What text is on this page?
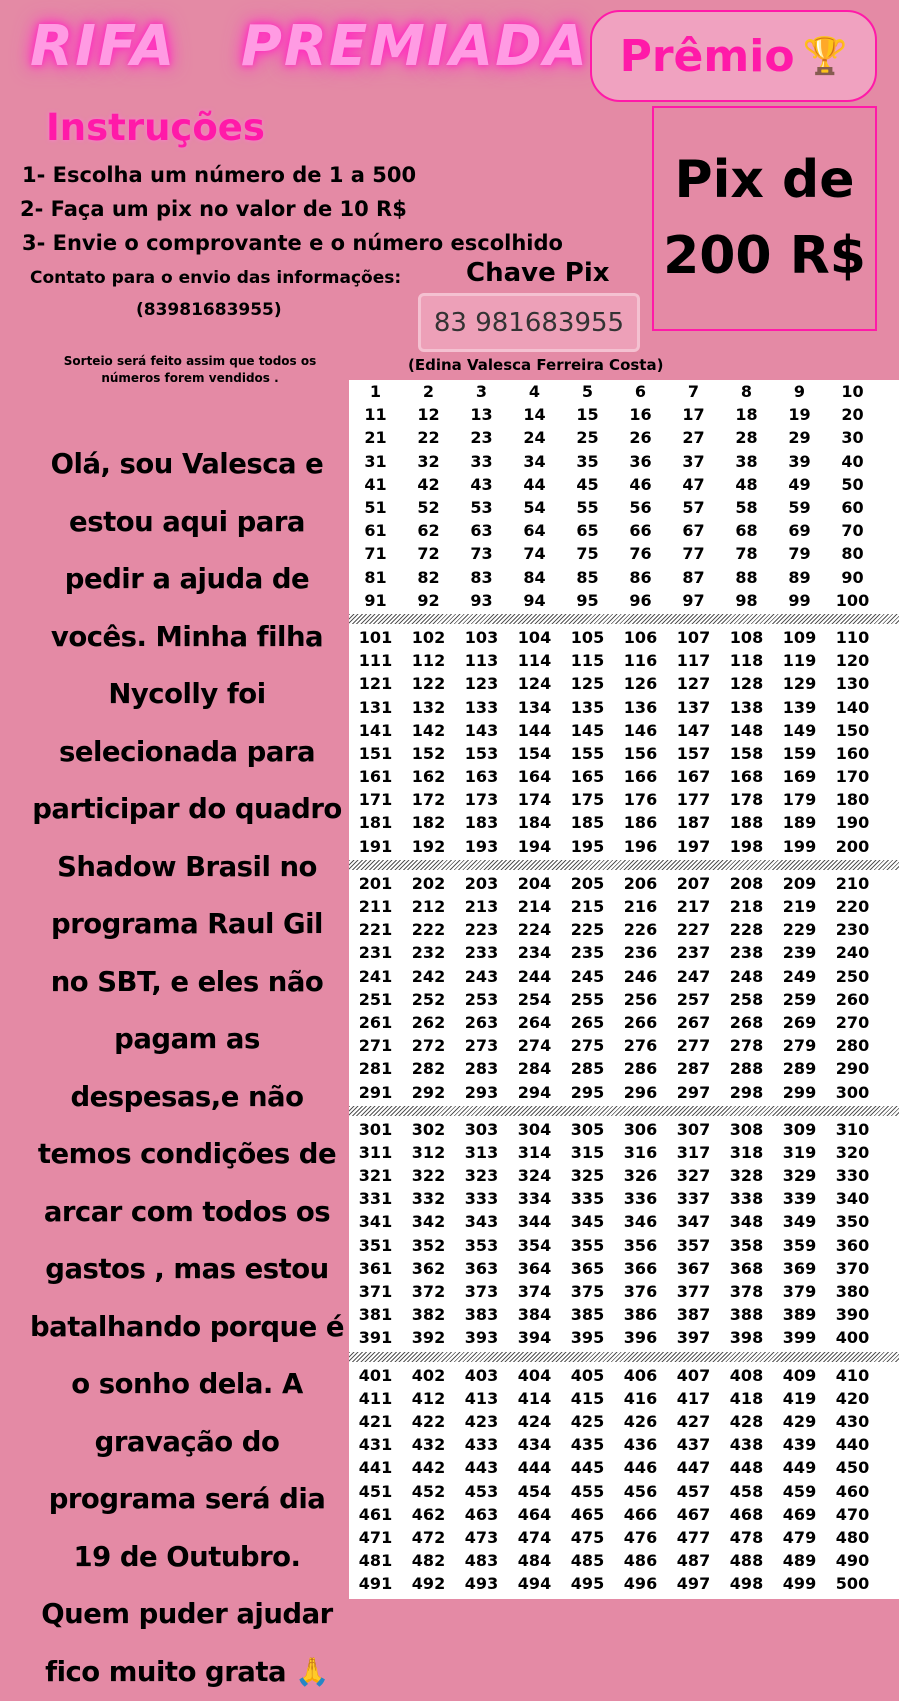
RIFA   PREMIADA Prêmio 🏆
Pix de
200 R$
Instruções
1- Escolha um número de 1 a 500
2- Faça um pix no valor de 10 R$
3- Envie o comprovante e o número escolhido
Contato para o envio das informações:
(83981683955)
Chave Pix
83 981683955
(Edina Valesca Ferreira Costa)
Sorteio será feito assim que todos os números forem vendidos .
Olá, sou Valesca e estou aqui para pedir a ajuda de vocês. Minha filha Nycolly foi selecionada para participar do quadro Shadow Brasil no programa Raul Gil no SBT, e eles não pagam as despesas,e não temos condições de arcar com todos os gastos , mas estou batalhando porque é o sonho dela. A gravação do programa será dia 19 de Outubro. Quem puder ajudar fico muito grata 🙏
1	2	3	4	5	6	7	8	9	10
11	12	13	14	15	16	17	18	19	20
21	22	23	24	25	26	27	28	29	30
31	32	33	34	35	36	37	38	39	40
41	42	43	44	45	46	47	48	49	50
51	52	53	54	55	56	57	58	59	60
61	62	63	64	65	66	67	68	69	70
71	72	73	74	75	76	77	78	79	80
81	82	83	84	85	86	87	88	89	90
91	92	93	94	95	96	97	98	99	100
101	102	103	104	105	106	107	108	109	110
111	112	113	114	115	116	117	118	119	120
121	122	123	124	125	126	127	128	129	130
131	132	133	134	135	136	137	138	139	140
141	142	143	144	145	146	147	148	149	150
151	152	153	154	155	156	157	158	159	160
161	162	163	164	165	166	167	168	169	170
171	172	173	174	175	176	177	178	179	180
181	182	183	184	185	186	187	188	189	190
191	192	193	194	195	196	197	198	199	200
201	202	203	204	205	206	207	208	209	210
211	212	213	214	215	216	217	218	219	220
221	222	223	224	225	226	227	228	229	230
231	232	233	234	235	236	237	238	239	240
241	242	243	244	245	246	247	248	249	250
251	252	253	254	255	256	257	258	259	260
261	262	263	264	265	266	267	268	269	270
271	272	273	274	275	276	277	278	279	280
281	282	283	284	285	286	287	288	289	290
291	292	293	294	295	296	297	298	299	300
301	302	303	304	305	306	307	308	309	310
311	312	313	314	315	316	317	318	319	320
321	322	323	324	325	326	327	328	329	330
331	332	333	334	335	336	337	338	339	340
341	342	343	344	345	346	347	348	349	350
351	352	353	354	355	356	357	358	359	360
361	362	363	364	365	366	367	368	369	370
371	372	373	374	375	376	377	378	379	380
381	382	383	384	385	386	387	388	389	390
391	392	393	394	395	396	397	398	399	400
401	402	403	404	405	406	407	408	409	410
411	412	413	414	415	416	417	418	419	420
421	422	423	424	425	426	427	428	429	430
431	432	433	434	435	436	437	438	439	440
441	442	443	444	445	446	447	448	449	450
451	452	453	454	455	456	457	458	459	460
461	462	463	464	465	466	467	468	469	470
471	472	473	474	475	476	477	478	479	480
481	482	483	484	485	486	487	488	489	490
491	492	493	494	495	496	497	498	499	500
